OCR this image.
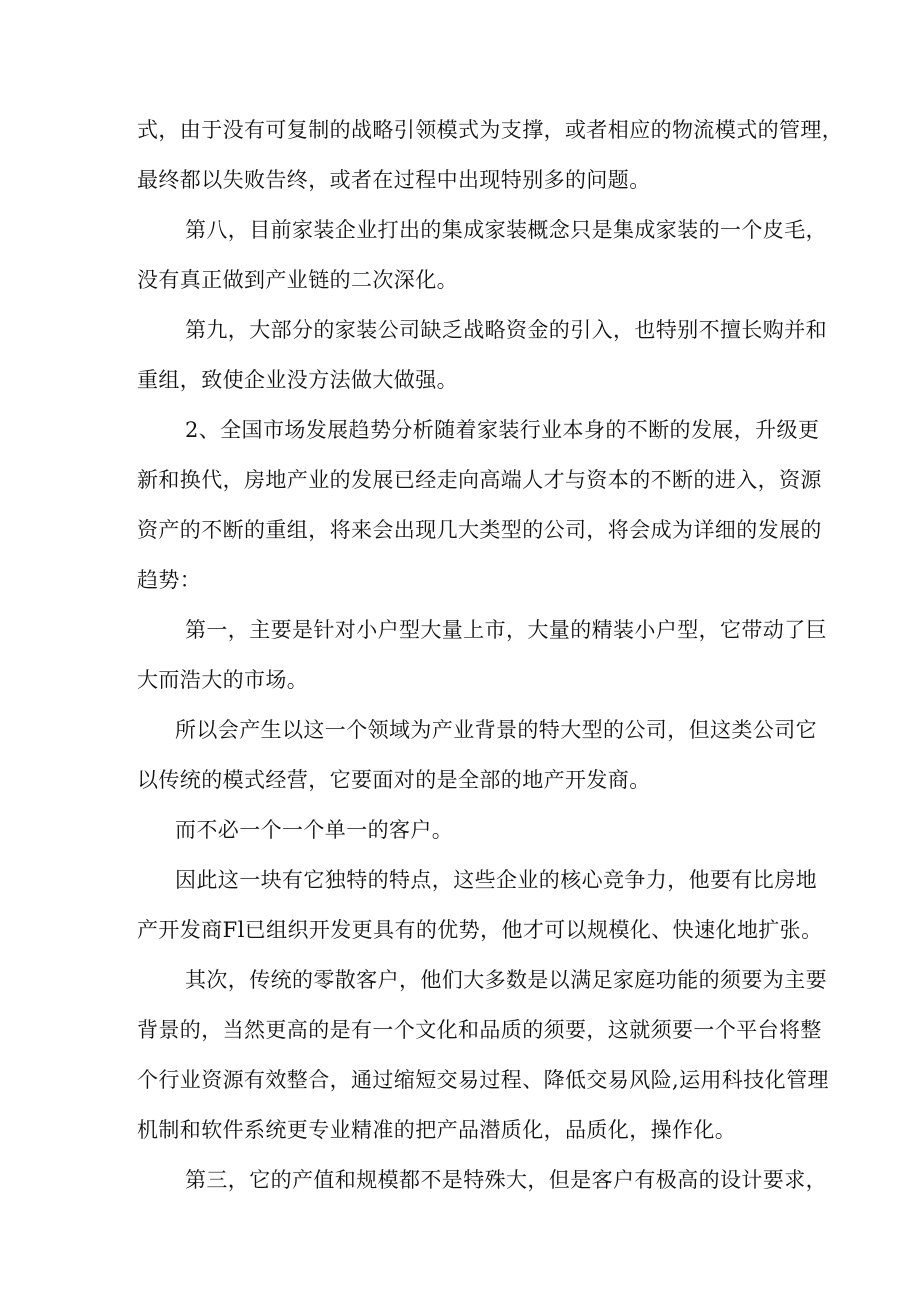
式，由于没有可复制的战略引领模式为支撑，或者相应的物流模式的管理，

最终都以失败告终，或者在过程中出现特别多的问题。

第八，目前家装企业打出的集成家装概念只是集成家装的一个皮毛，

没有真正做到产业链的二次深化。

第九，大部分的家装公司缺乏战略资金的引入，也特别不擅长购并和

重组，致使企业没方法做大做强。

2、全国市场发展趋势分析随着家装行业本身的不断的发展，升级更

新和换代，房地产业的发展已经走向高端人才与资本的不断的进入，资源

资产的不断的重组，将来会出现几大类型的公司，将会成为详细的发展的

趋势：

第一，主要是针对小户型大量上市，大量的精装小户型，它带动了巨

大而浩大的市场。

所以会产生以这一个领域为产业背景的特大型的公司，但这类公司它

以传统的模式经营，它要面对的是全部的地产开发商。

而不必一个一个单一的客户。

因此这一块有它独特的特点，这些企业的核心竞争力，他要有比房地

产开发商Fl已组织开发更具有的优势，他才可以规模化、快速化地扩张。

其次，传统的零散客户，他们大多数是以满足家庭功能的须要为主要

背景的，当然更高的是有一个文化和品质的须要，这就须要一个平台将整

个行业资源有效整合，通过缩短交易过程、降低交易风险,运用科技化管理

机制和软件系统更专业精准的把产品潜质化，品质化，操作化。

第三，它的产值和规模都不是特殊大，但是客户有极高的设计要求，
